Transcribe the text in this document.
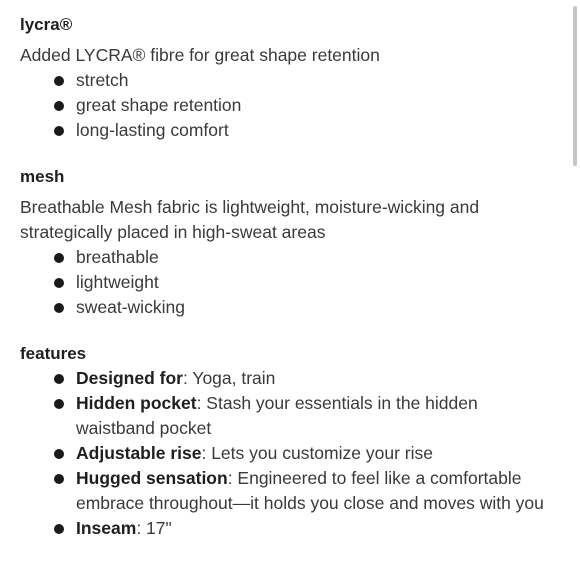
lycra®

Added LYCRA® fibre for great shape retention

stretch
great shape retention
long-lasting comfort
mesh

Breathable Mesh fabric is lightweight, moisture-wicking and strategically placed in high-sweat areas

breathable
lightweight
sweat-wicking
features
Designed for: Yoga, train
Hidden pocket: Stash your essentials in the hidden waistband pocket
Adjustable rise: Lets you customize your rise
Hugged sensation: Engineered to feel like a comfortable embrace throughout—it holds you close and moves with you
Inseam: 17"
